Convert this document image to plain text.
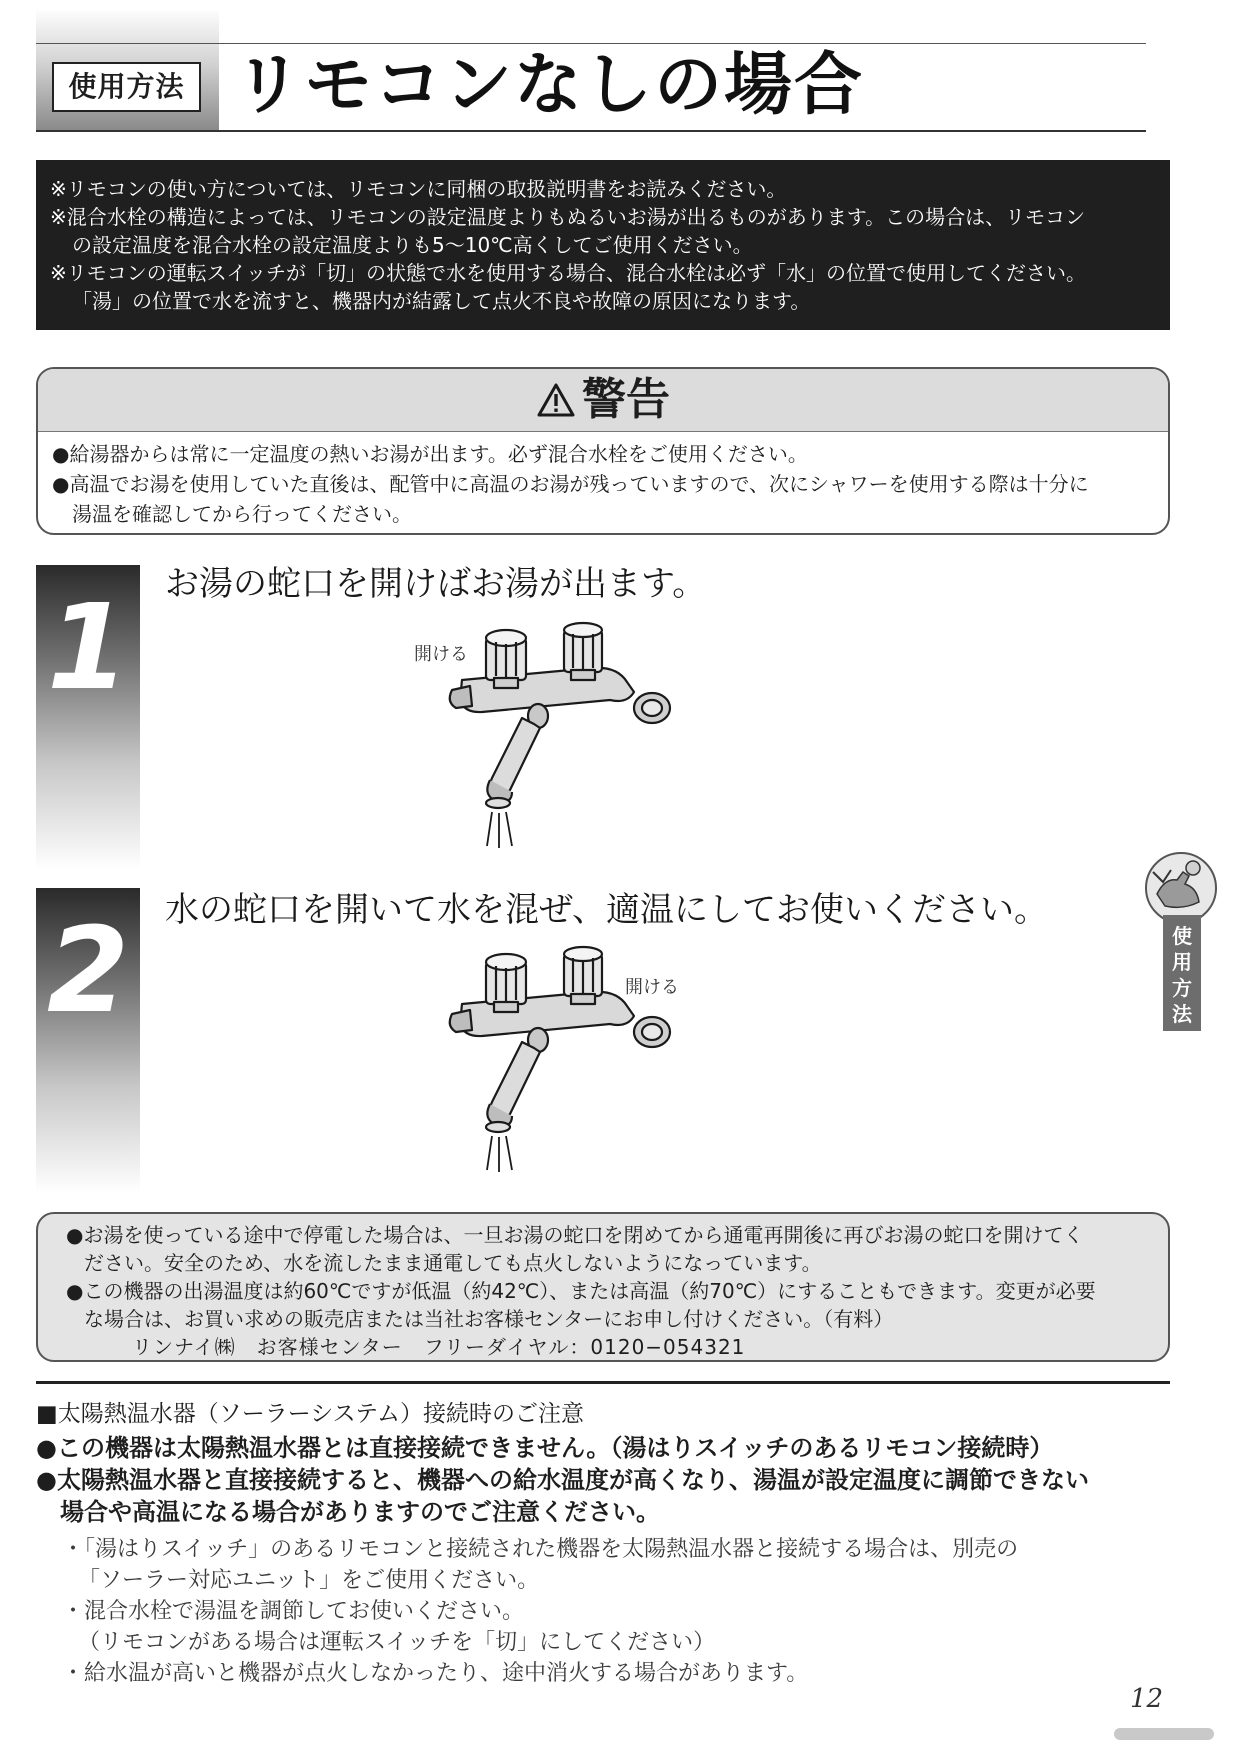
使用方法 リモコンなしの場合

※リモコンの使い方については、リモコンに同梱の取扱説明書をお読みください。

※混合水栓の構造によっては、リモコンの設定温度よりもぬるいお湯が出るものがあります。この場合は、リモコン

の設定温度を混合水栓の設定温度よりも5〜10℃高くしてご使用ください。

※リモコンの運転スイッチが「切」の状態で水を使用する場合、混合水栓は必ず「水」の位置で使用してください。

「湯」の位置で水を流すと、機器内が結露して点火不良や故障の原因になります。

警告

●給湯器からは常に一定温度の熱いお湯が出ます。必ず混合水栓をご使用ください。

●高温でお湯を使用していた直後は、配管中に高温のお湯が残っていますので、次にシャワーを使用する際は十分に

湯温を確認してから行ってください。

1	お湯の蛇口を開けばお湯が出ます。
開ける
2	水の蛇口を開いて水を混ぜ、適温にしてお使いください。
開ける
使
用
方
法

●お湯を使っている途中で停電した場合は、一旦お湯の蛇口を閉めてから通電再開後に再びお湯の蛇口を開けてく

ださい。安全のため、水を流したまま通電しても点火しないようになっています。

●この機器の出湯温度は約60℃ですが低温（約42℃）、または高温（約70℃）にすることもできます。変更が必要

な場合は、お買い求めの販売店または当社お客様センターにお申し付けください。（有料）

リンナイ㈱　お客様センター　フリーダイヤル：0120−054321

■太陽熱温水器（ソーラーシステム）接続時のご注意

●この機器は太陽熱温水器とは直接接続できません。（湯はりスイッチのあるリモコン接続時）

●太陽熱温水器と直接接続すると、機器への給水温度が高くなり、湯温が設定温度に調節できない

場合や高温になる場合がありますのでご注意ください。

・「湯はりスイッチ」のあるリモコンと接続された機器を太陽熱温水器と接続する場合は、別売の

「ソーラー対応ユニット」をご使用ください。

・混合水栓で湯温を調節してお使いください。

（リモコンがある場合は運転スイッチを「切」にしてください）

・給水温が高いと機器が点火しなかったり、途中消火する場合があります。

12
